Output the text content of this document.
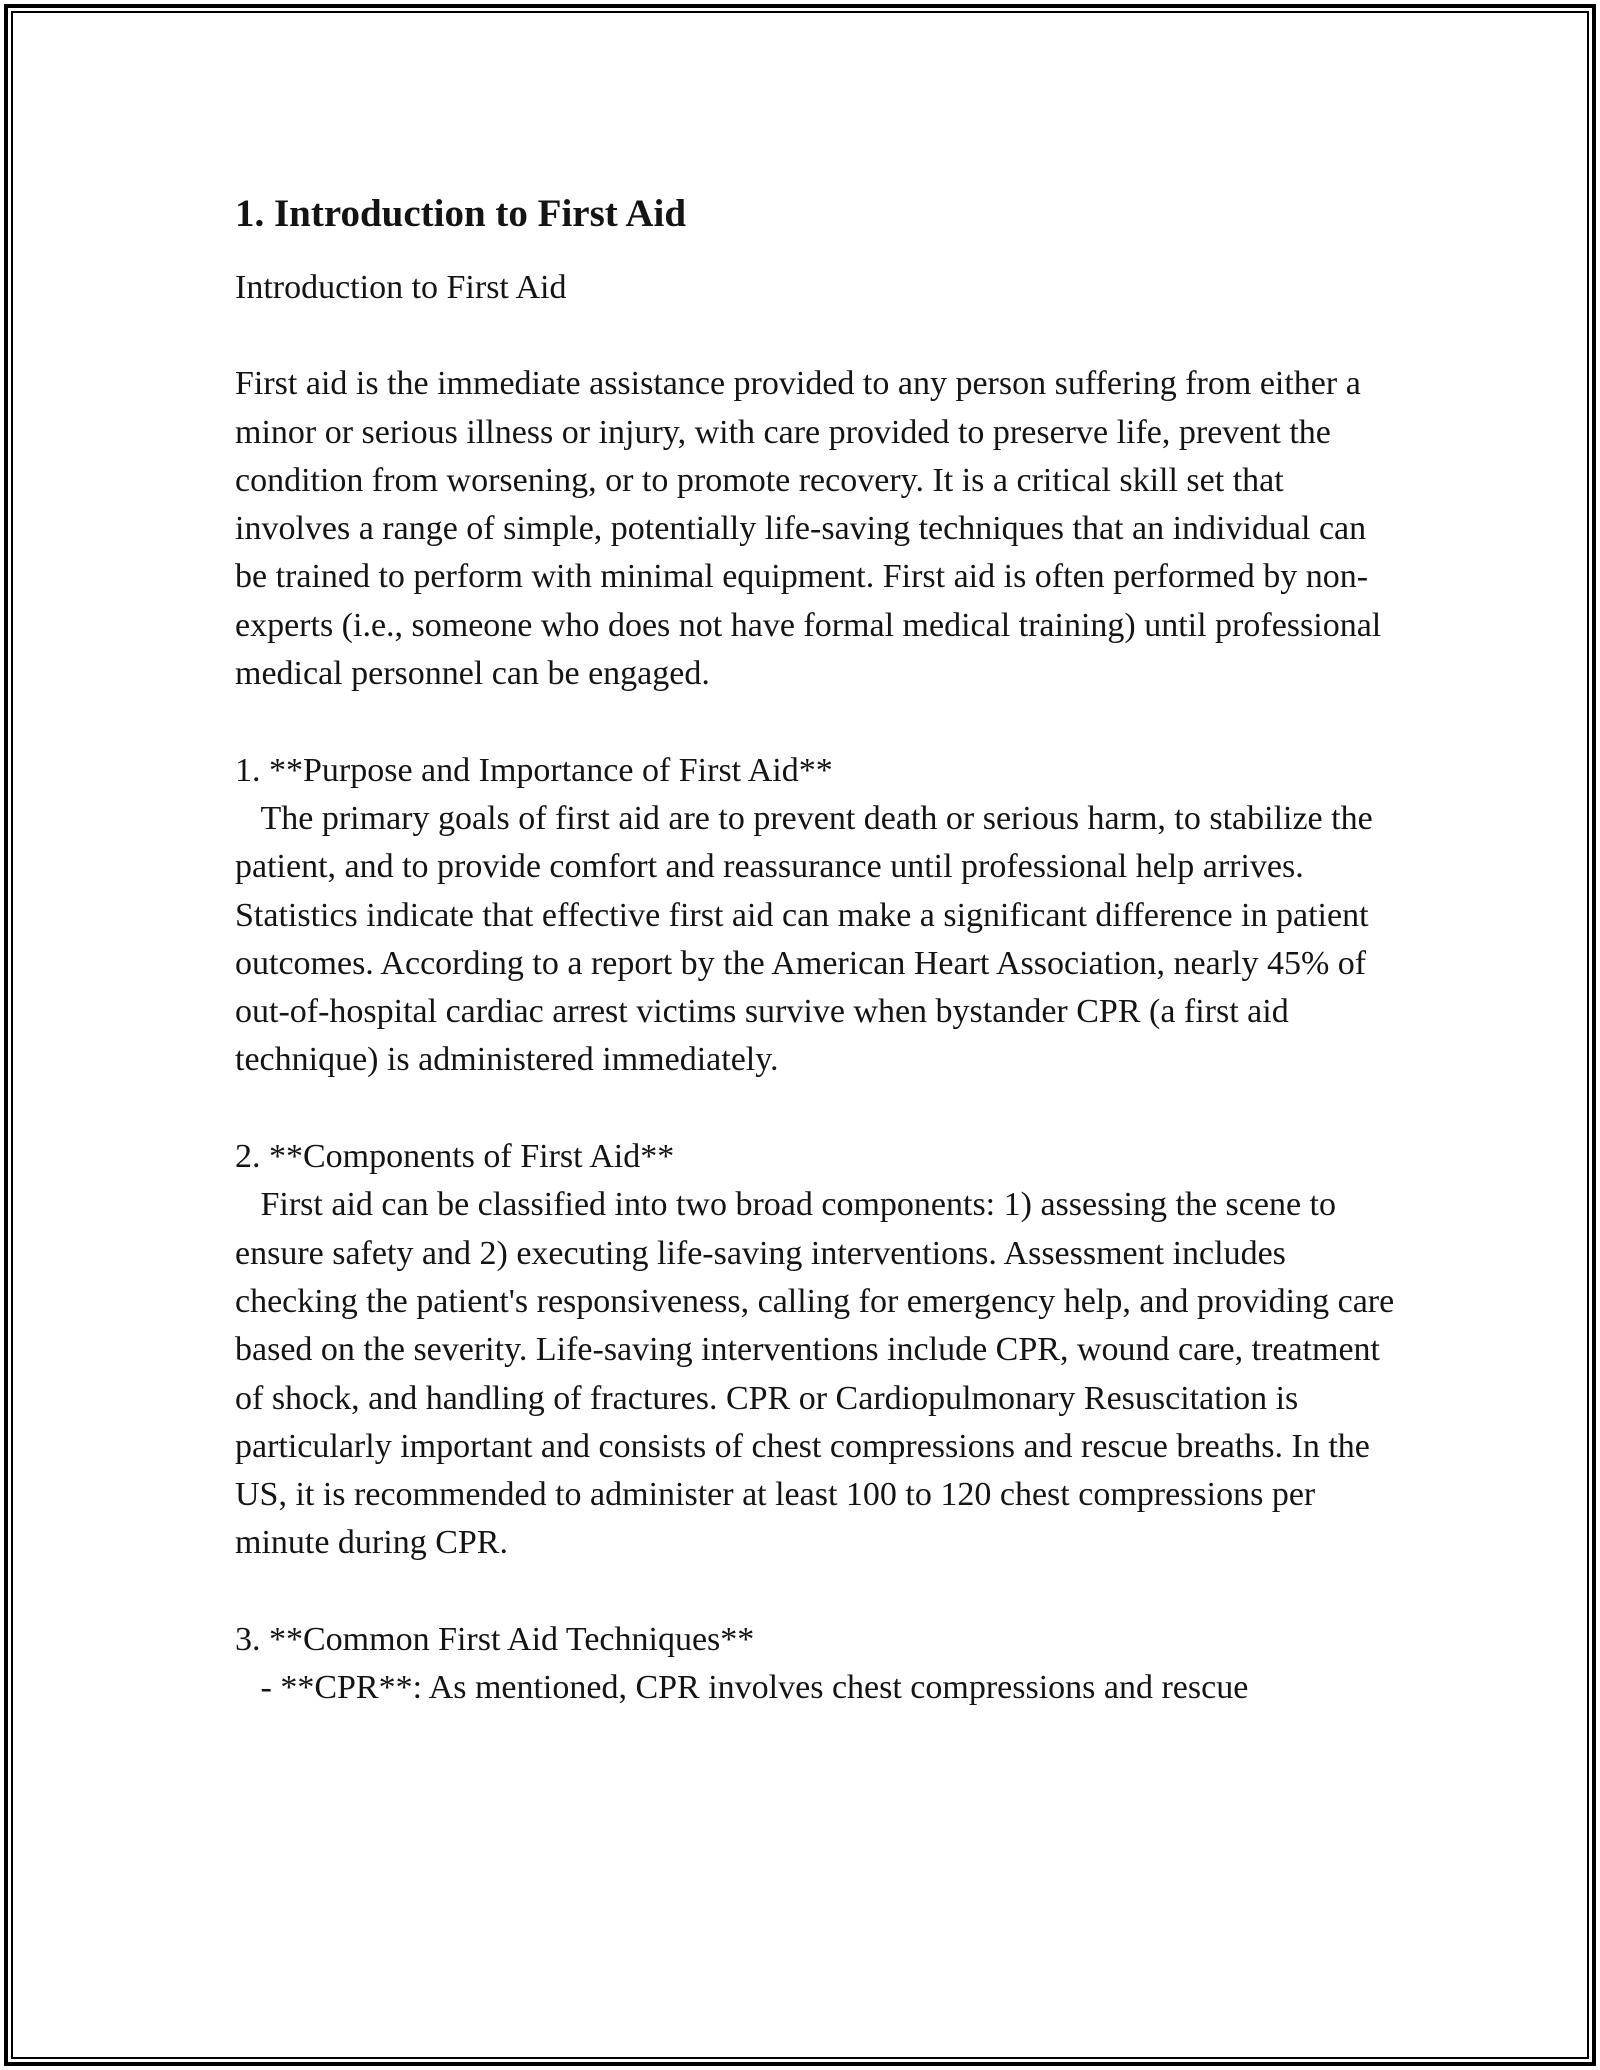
1. Introduction to First Aid

Introduction to First Aid

First aid is the immediate assistance provided to any person suffering from either a minor or serious illness or injury, with care provided to preserve life, prevent the condition from worsening, or to promote recovery. It is a critical skill set that involves a range of simple, potentially life-saving techniques that an individual can be trained to perform with minimal equipment. First aid is often performed by non-experts (i.e., someone who does not have formal medical training) until professional medical personnel can be engaged.

1. **Purpose and Importance of First Aid**

The primary goals of first aid are to prevent death or serious harm, to stabilize the patient, and to provide comfort and reassurance until professional help arrives. Statistics indicate that effective first aid can make a significant difference in patient outcomes. According to a report by the American Heart Association, nearly 45% of out-of-hospital cardiac arrest victims survive when bystander CPR (a first aid technique) is administered immediately.

2. **Components of First Aid**

First aid can be classified into two broad components: 1) assessing the scene to ensure safety and 2) executing life-saving interventions. Assessment includes checking the patient's responsiveness, calling for emergency help, and providing care based on the severity. Life-saving interventions include CPR, wound care, treatment of shock, and handling of fractures. CPR or Cardiopulmonary Resuscitation is particularly important and consists of chest compressions and rescue breaths. In the US, it is recommended to administer at least 100 to 120 chest compressions per minute during CPR.

3. **Common First Aid Techniques**

- **CPR**: As mentioned, CPR involves chest compressions and rescue
